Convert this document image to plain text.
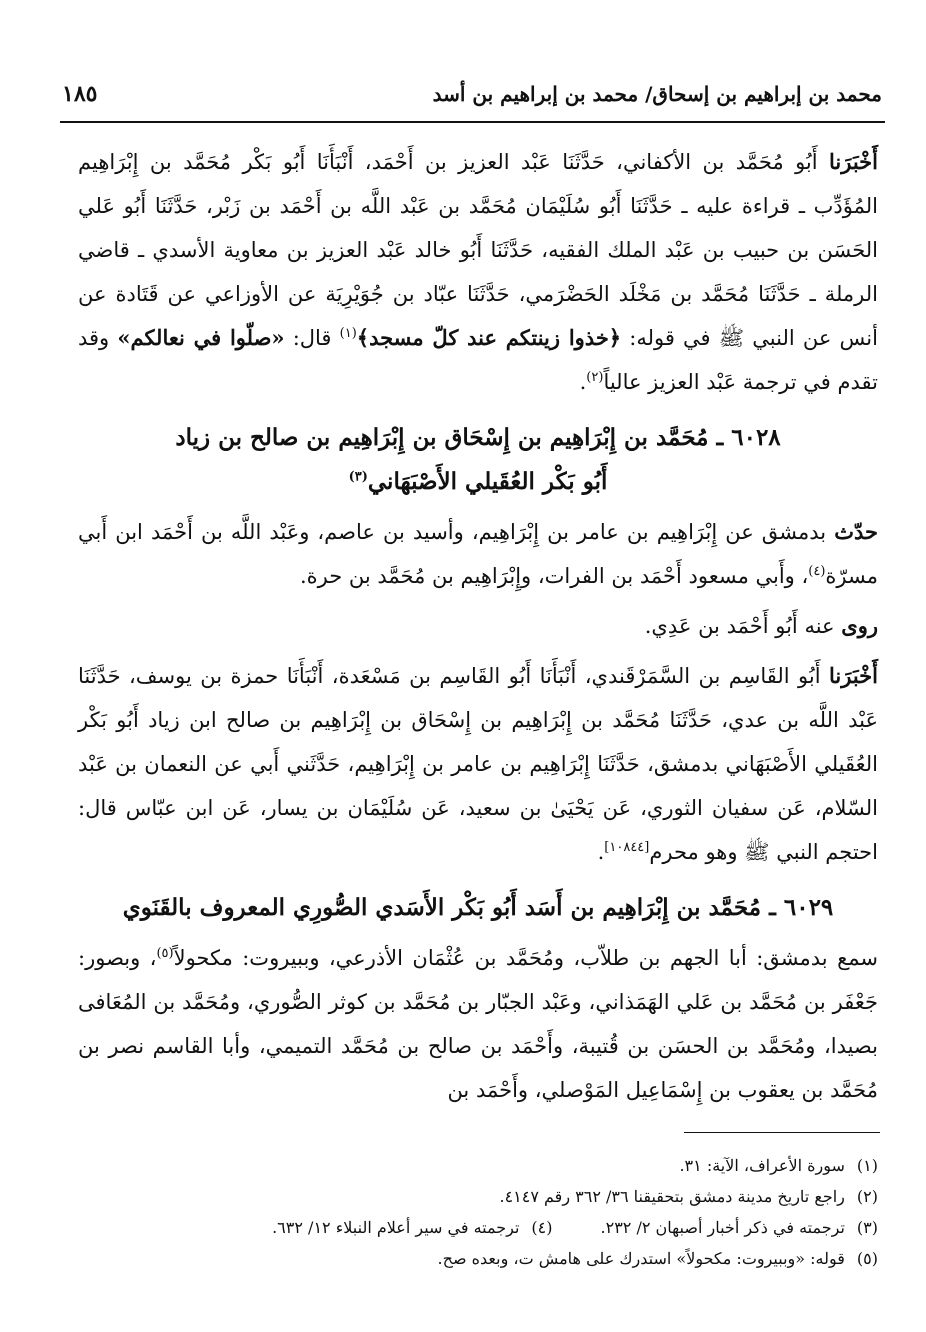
١٨٥	محمد بن إبراهيم بن إسحاق/ محمد بن إبراهيم بن أسد

أَخْبَرَنا أَبُو مُحَمَّد بن الأكفاني، حَدَّثَنَا عَبْد العزيز بن أَحْمَد، أَنْبَأَنَا أَبُو بَكْر مُحَمَّد بن إِبْرَاهِيم المُؤَدِّب ـ قراءة عليه ـ حَدَّثَنَا أَبُو سُلَيْمَان مُحَمَّد بن عَبْد اللَّه بن أَحْمَد بن زَبْر، حَدَّثَنَا أَبُو عَلي الحَسَن بن حبيب بن عَبْد الملك الفقيه، حَدَّثَنَا أَبُو خالد عَبْد العزيز بن معاوية الأسدي ـ قاضي الرملة ـ حَدَّثَنَا مُحَمَّد بن مَخْلَد الحَضْرَمي، حَدَّثَنَا عبّاد بن جُوَيْرِيَة عن الأوزاعي عن قَتَادة عن أنس عن النبي ﷺ في قوله: ﴿خذوا زينتكم عند كلّ مسجد﴾$^{(١)}$ قال: «صلّوا في نعالكم» وقد تقدم في ترجمة عَبْد العزيز عالياً$^{(٢)}$.

٦٠٢٨ ـ مُحَمَّد بن إِبْرَاهِيم بن إِسْحَاق بن إِبْرَاهِيم بن صالح بن زياد
أَبُو بَكْر العُقَيلي الأَصْبَهَاني$^{(٣)}$

حدّث بدمشق عن إِبْرَاهِيم بن عامر بن إِبْرَاهِيم، وأسيد بن عاصم، وعَبْد اللَّه بن أَحْمَد ابن أَبي مسرّة$^{(٤)}$، وأَبي مسعود أَحْمَد بن الفرات، وإِبْرَاهِيم بن مُحَمَّد بن حرة.

روى عنه أَبُو أَحْمَد بن عَدِي.

أَخْبَرَنا أَبُو القَاسِم بن السَّمَرْقَندي، أَنْبَأَنَا أَبُو القَاسِم بن مَسْعَدة، أَنْبَأَنَا حمزة بن يوسف، حَدَّثَنَا عَبْد اللَّه بن عدي، حَدَّثَنَا مُحَمَّد بن إِبْرَاهِيم بن إِسْحَاق بن إِبْرَاهِيم بن صالح ابن زياد أَبُو بَكْر العُقَيلي الأَصْبَهَاني بدمشق، حَدَّثَنَا إِبْرَاهِيم بن عامر بن إِبْرَاهِيم، حَدَّثَني أَبي عن النعمان بن عَبْد السّلام، عَن سفيان الثوري، عَن يَحْيَىٰ بن سعيد، عَن سُلَيْمَان بن يسار، عَن ابن عبّاس قال: احتجم النبي ﷺ وهو محرم[١٠٨٤٤].

٦٠٢٩ ـ مُحَمَّد بن إِبْرَاهِيم بن أَسَد أَبُو بَكْر الأَسَدي الصُّورِي المعروف بالقَنَوي

سمع بدمشق: أبا الجهم بن طلاّب، ومُحَمَّد بن عُثْمَان الأذرعي، وببيروت: مكحولاً$^{(٥)}$، وبصور: جَعْفَر بن مُحَمَّد بن عَلي الهَمَذاني، وعَبْد الجبّار بن مُحَمَّد بن كوثر الصُّوري، ومُحَمَّد بن المُعَافى بصيدا، ومُحَمَّد بن الحسَن بن قُتيبة، وأَحْمَد بن صالح بن مُحَمَّد التميمي، وأبا القاسم نصر بن مُحَمَّد بن يعقوب بن إِسْمَاعِيل المَوْصلي، وأَحْمَد بن

(١)
سورة الأعراف، الآية: ٣١.
(٢)
راجع تاريخ مدينة دمشق بتحقيقنا ٣٦/ ٣٦٢ رقم ٤١٤٧.
(٣)
ترجمته في ذكر أخبار أصبهان ٢/ ٢٣٢.
(٤)
ترجمته في سير أعلام النبلاء ١٢/ ٦٣٢.
(٥)
قوله: «وببيروت: مكحولاً» استدرك على هامش ت، وبعده صح.
